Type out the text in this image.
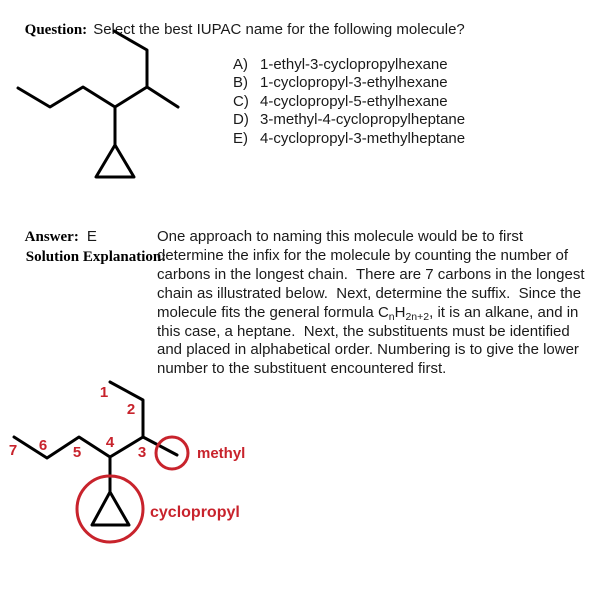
Question: Select the best IUPAC name for the following molecule?

A) 1-ethyl-3-cyclopropylhexane
B) 1-cyclopropyl-3-ethylhexane
C) 4-cyclopropyl-5-ethylhexane
D) 3-methyl-4-cyclopropylheptane
E) 4-cyclopropyl-3-methylheptane

Answer: E

Solution Explanation:

One approach to naming this molecule would be to first
determine the infix for the molecule by counting the number of
carbons in the longest chain.  There are 7 carbons in the longest
chain as illustrated below.  Next, determine the suffix.  Since the
molecule fits the general formula $C_nH_{2n+2}$, it is an alkane, and in
this case, a heptane.  Next, the substituents must be identified
and placed in alphabetical order. Numbering is to give the lower
number to the substituent encountered first.
1
2
3
4
5
6
7	methyl
cyclopropyl
